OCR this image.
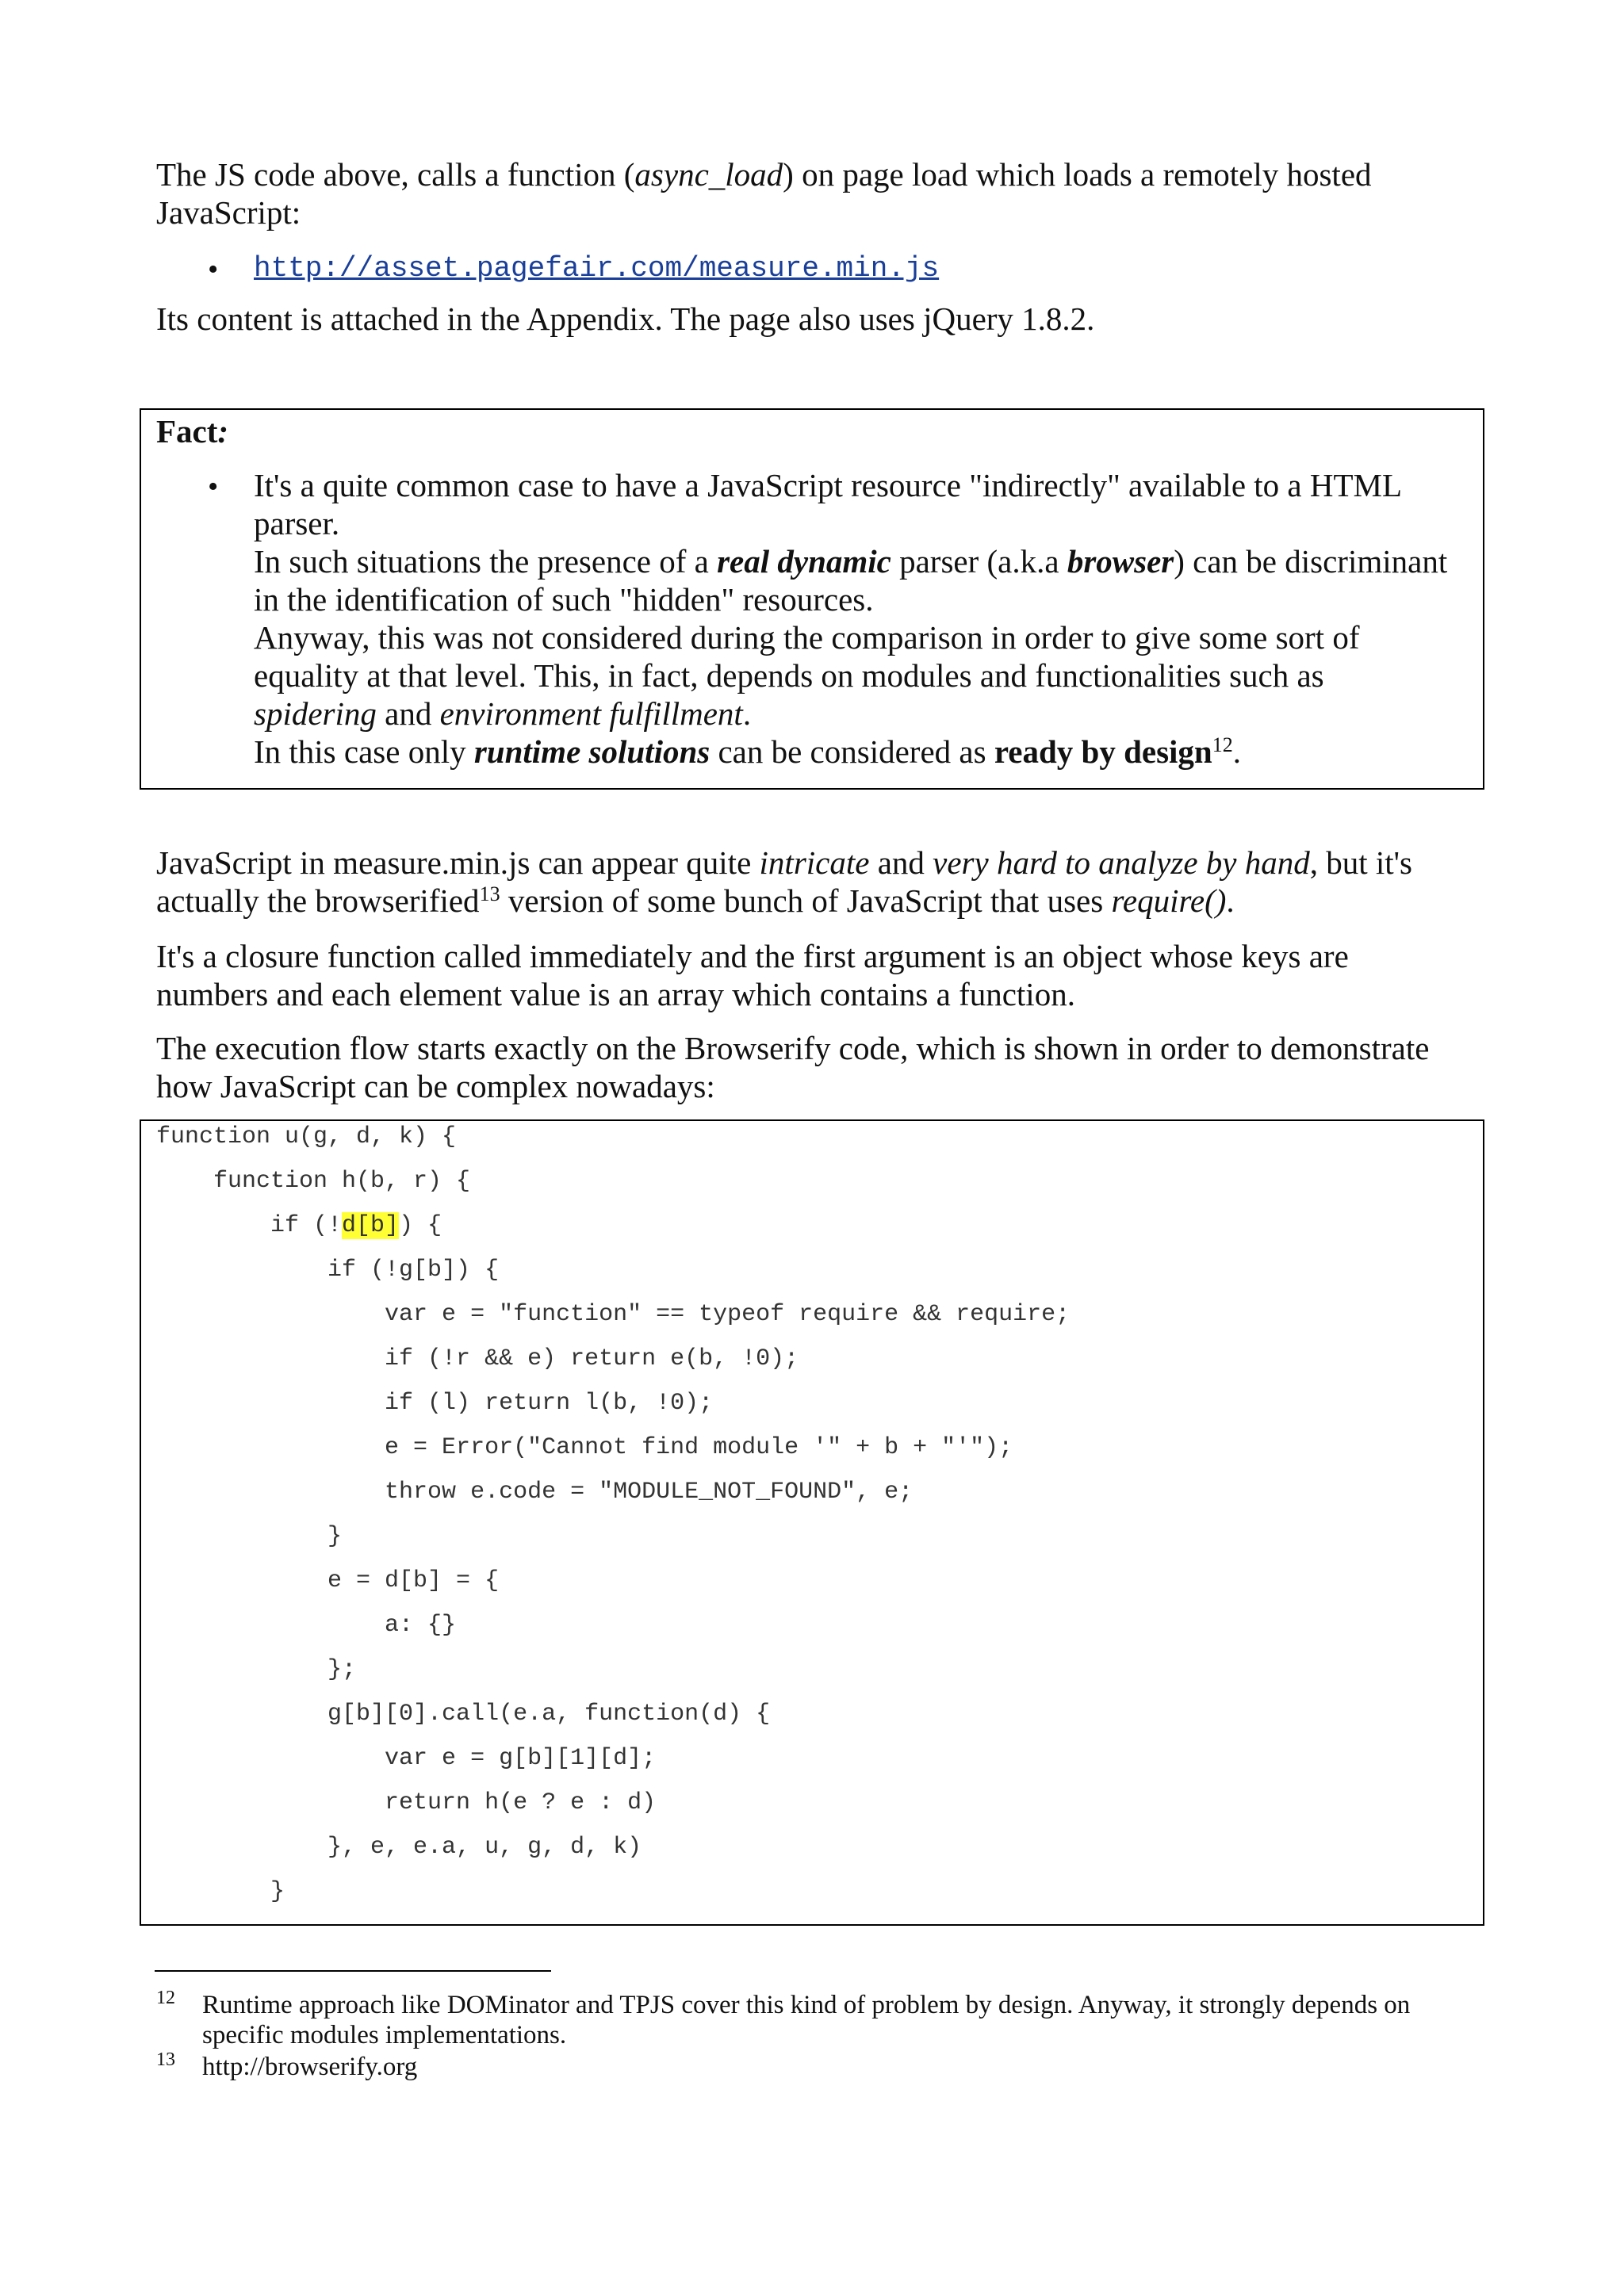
The JS code above, calls a function (async_load) on page load which loads a remotely hosted

JavaScript:

• http://asset.pagefair.com/measure.min.js

Its content is attached in the Appendix. The page also uses jQuery 1.8.2.

Fact:

• It's a quite common case to have a JavaScript resource "indirectly" available to a HTML

parser.

In such situations the presence of a real dynamic parser (a.k.a browser) can be discriminant

in the identification of such "hidden" resources.

Anyway, this was not considered during the comparison in order to give some sort of

equality at that level. This, in fact, depends on modules and functionalities such as

spidering and environment fulfillment.

In this case only runtime solutions can be considered as ready by design$^{12}$.

JavaScript in measure.min.js can appear quite intricate and very hard to analyze by hand, but it's

actually the browserified$^{13}$ version of some bunch of JavaScript that uses require().

It's a closure function called immediately and the first argument is an object whose keys are

numbers and each element value is an array which contains a function.

The execution flow starts exactly on the Browserify code, which is shown in order to demonstrate

how JavaScript can be complex nowadays:

function u(g, d, k) {
function h(b, r) {
if (!d[b]) {
if (!g[b]) {
var e = "function" == typeof require && require;
if (!r && e) return e(b, !0);
if (l) return l(b, !0);
e = Error("Cannot find module '" + b + "'");
throw e.code = "MODULE_NOT_FOUND", e;
}
e = d[b] = {
a: {}
};
g[b][0].call(e.a, function(d) {
var e = g[b][1][d];
return h(e ? e : d)
}, e, e.a, u, g, d, k)
}
12 Runtime approach like DOMinator and TPJS cover this kind of problem by design. Anyway, it strongly depends on

specific modules implementations.

13 http://browserify.org
